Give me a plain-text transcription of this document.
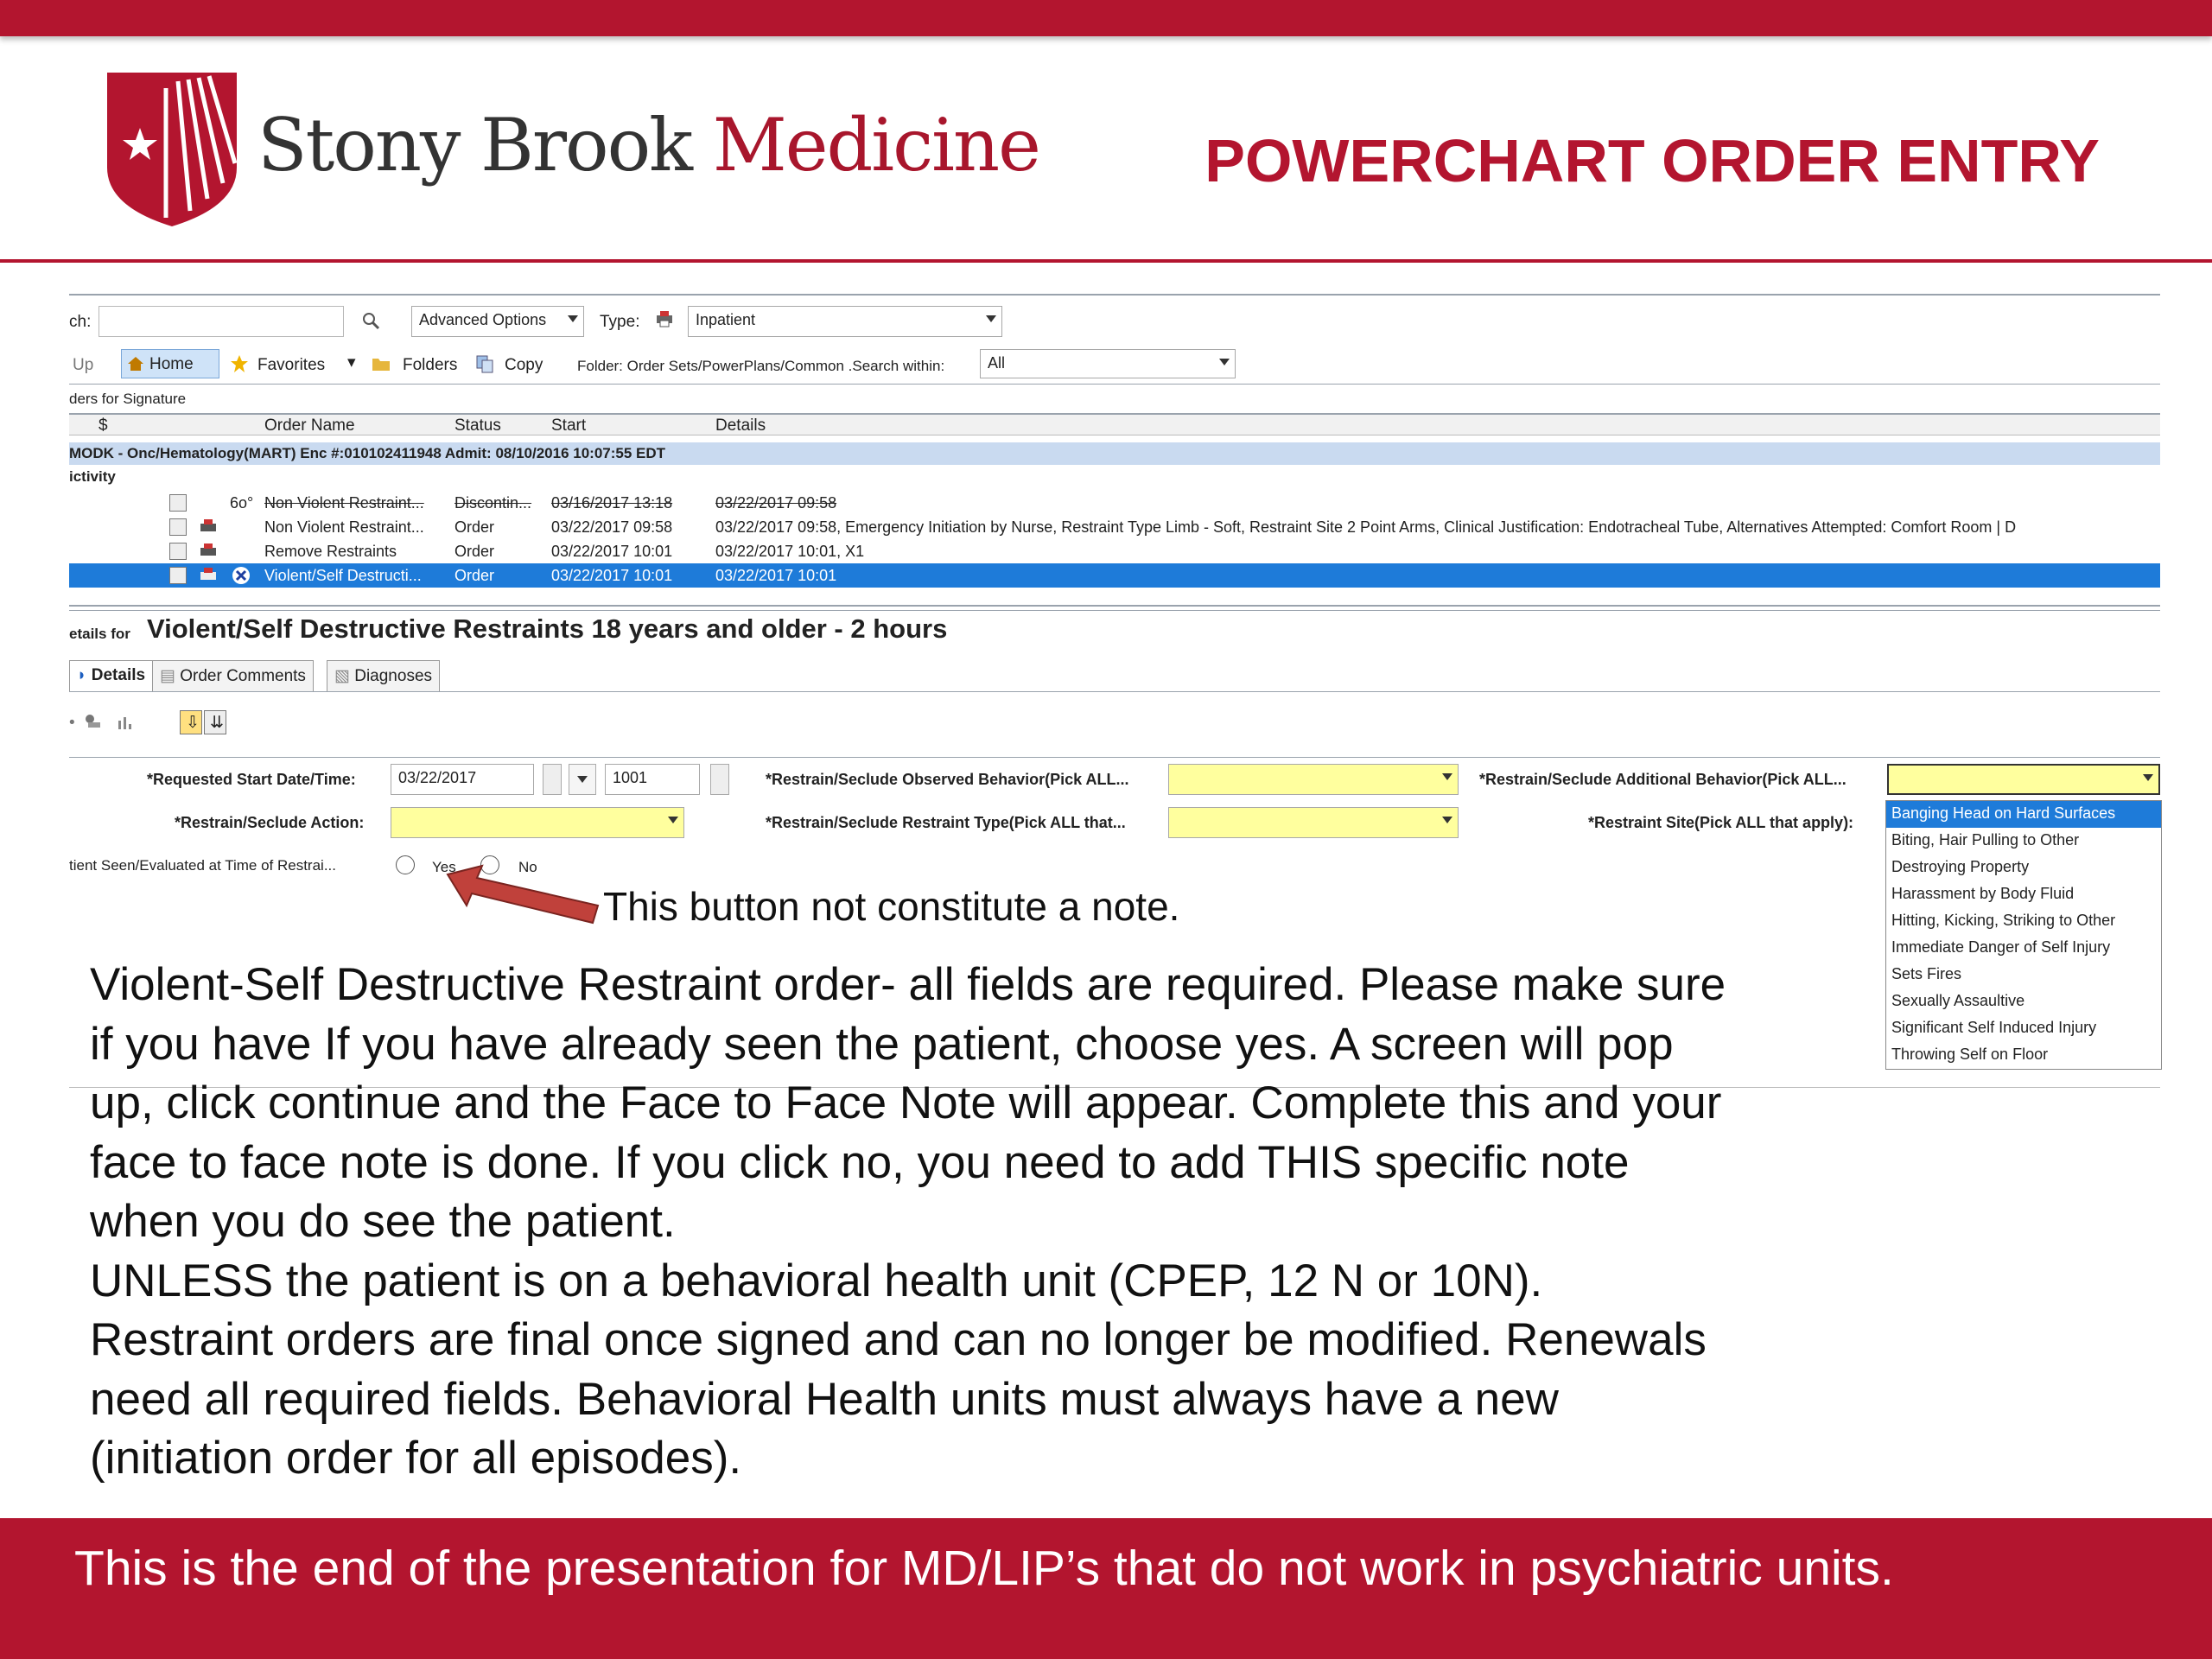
Stony Brook Medicine	POWERCHART ORDER ENTRY
ch:	Advanced Options	Type:	Inpatient
Up	Home	Favorites ▾	Folders	Copy Folder: Order Sets/PowerPlans/Common .Search within:	All
ders for Signature
$	Order Name	Status	Start	Details
MODK - Onc/Hematology(MART) Enc #:010102411948 Admit: 08/10/2016 10:07:55 EDT
ictivity
6o° Non Violent Restraint... Discontin... 03/16/2017 13:18	03/22/2017 09:58
Non Violent Restraint... Order	03/22/2017 09:58	03/22/2017 09:58, Emergency Initiation by Nurse, Restraint Type Limb - Soft, Restraint Site 2 Point Arms, Clinical Justification: Endotracheal Tube, Alternatives Attempted: Comfort Room | D
Remove Restraints	Order	03/22/2017 10:01	03/22/2017 10:01, X1
Violent/Self Destructi... Order	03/22/2017 10:01	03/22/2017 10:01
etails for Violent/Self Destructive Restraints 18 years and older - 2 hours
◗ Details ▤ Order Comments	▧ Diagnoses
•	⇩ ⇊
*Requested Start Date/Time:	03/22/2017	1001	*Restrain/Seclude Observed Behavior(Pick ALL...	*Restrain/Seclude Additional Behavior(Pick ALL...
Banging Head on Hard Surfaces
Biting, Hair Pulling to Other
Destroying Property
Harassment by Body Fluid
Hitting, Kicking, Striking to Other
Immediate Danger of Self Injury
Sets Fires
Sexually Assaultive
Significant Self Induced Injury
Throwing Self on Floor
*Restrain/Seclude Action:	*Restrain/Seclude Restraint Type(Pick ALL that...	*Restraint Site(Pick ALL that apply):
tient Seen/Evaluated at Time of Restrai...	Yes	No
This button not constitute a note.

Violent-Self Destructive Restraint order- all fields are required. Please make sure

if you have If you have already seen the patient, choose yes. A screen will pop

up, click continue and the Face to Face Note will appear. Complete this and your

face to face note is done. If you click no, you need to add THIS specific note

when you do see the patient.

UNLESS the patient is on a behavioral health unit (CPEP, 12 N or 10N).

Restraint orders are final once signed and can no longer be modified. Renewals

need all required fields. Behavioral Health units must always have a new

(initiation order for all episodes).

This is the end of the presentation for MD/LIP’s that do not work in psychiatric units.
